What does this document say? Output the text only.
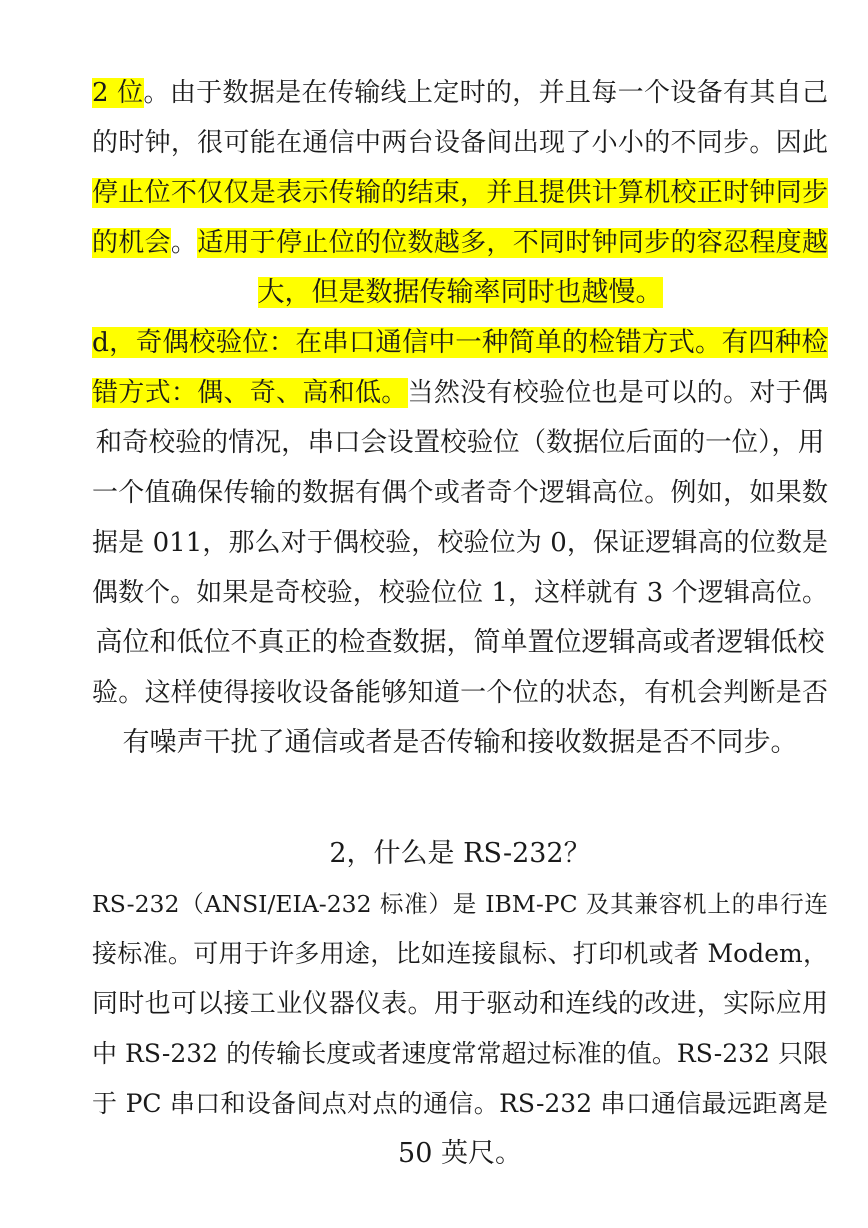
2 位。由于数据是在传输线上定时的，并且每一个设备有其自己
的时钟，很可能在通信中两台设备间出现了小小的不同步。因此
停止位不仅仅是表示传输的结束，并且提供计算机校正时钟同步
的机会。适用于停止位的位数越多，不同时钟同步的容忍程度越
大，但是数据传输率同时也越慢。
d，奇偶校验位：在串口通信中一种简单的检错方式。有四种检
错方式：偶、奇、高和低。当然没有校验位也是可以的。对于偶
和奇校验的情况，串口会设置校验位（数据位后面的一位），用
一个值确保传输的数据有偶个或者奇个逻辑高位。例如，如果数
据是 011，那么对于偶校验，校验位为 0，保证逻辑高的位数是
偶数个。如果是奇校验，校验位位 1，这样就有 3 个逻辑高位。
高位和低位不真正的检查数据，简单置位逻辑高或者逻辑低校
验。这样使得接收设备能够知道一个位的状态，有机会判断是否
有噪声干扰了通信或者是否传输和接收数据是否不同步。
2，什么是 RS-232？
RS-232（ANSI/EIA-232 标准）是 IBM-PC 及其兼容机上的串行连
接标准。可用于许多用途，比如连接鼠标、打印机或者 Modem，
同时也可以接工业仪器仪表。用于驱动和连线的改进，实际应用
中 RS-232 的传输长度或者速度常常超过标准的值。RS-232 只限
于 PC 串口和设备间点对点的通信。RS-232 串口通信最远距离是
50 英尺。
